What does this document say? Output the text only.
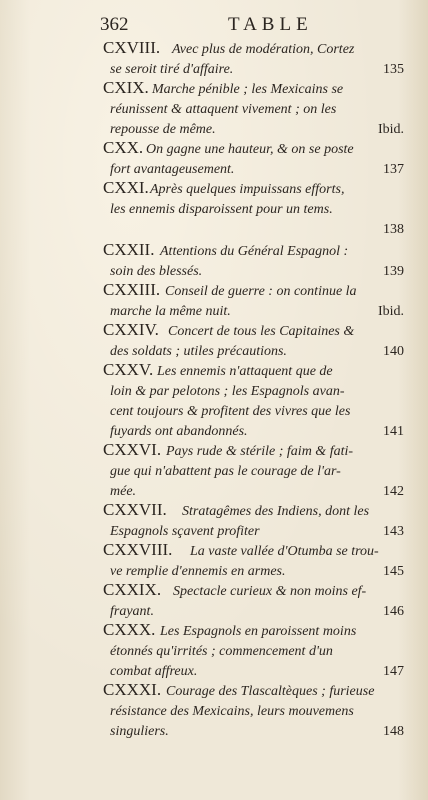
362	TABLE
CXVIII. Avec plus de modération, Cortez
se seroit tiré d'affaire.	135
CXIX. Marche pénible ; les Mexicains se
réunissent & attaquent vivement ; on les
repousse de même.	Ibid.
CXX. On gagne une hauteur, & on se poste
fort avantageusement.	137
CXXI. Après quelques impuissans efforts,
les ennemis disparoissent pour un tems.
138
CXXII. Attentions du Général Espagnol :
soin des blessés.	139
CXXIII. Conseil de guerre : on continue la
marche la même nuit.	Ibid.
CXXIV. Concert de tous les Capitaines &
des soldats ; utiles précautions.	140
CXXV. Les ennemis n'attaquent que de
loin & par pelotons ; les Espagnols avan-
cent toujours & profitent des vivres que les
fuyards ont abandonnés.	141
CXXVI. Pays rude & stérile ; faim & fati-
gue qui n'abattent pas le courage de l'ar-
mée.	142
CXXVII. Stratagêmes des Indiens, dont les
Espagnols sçavent profiter	143
CXXVIII. La vaste vallée d'Otumba se trou-
ve remplie d'ennemis en armes.	145
CXXIX. Spectacle curieux & non moins ef-
frayant.	146
CXXX. Les Espagnols en paroissent moins
étonnés qu'irrités ; commencement d'un
combat affreux.	147
CXXXI. Courage des Tlascaltèques ; furieuse
résistance des Mexicains, leurs mouvemens
singuliers.	148
